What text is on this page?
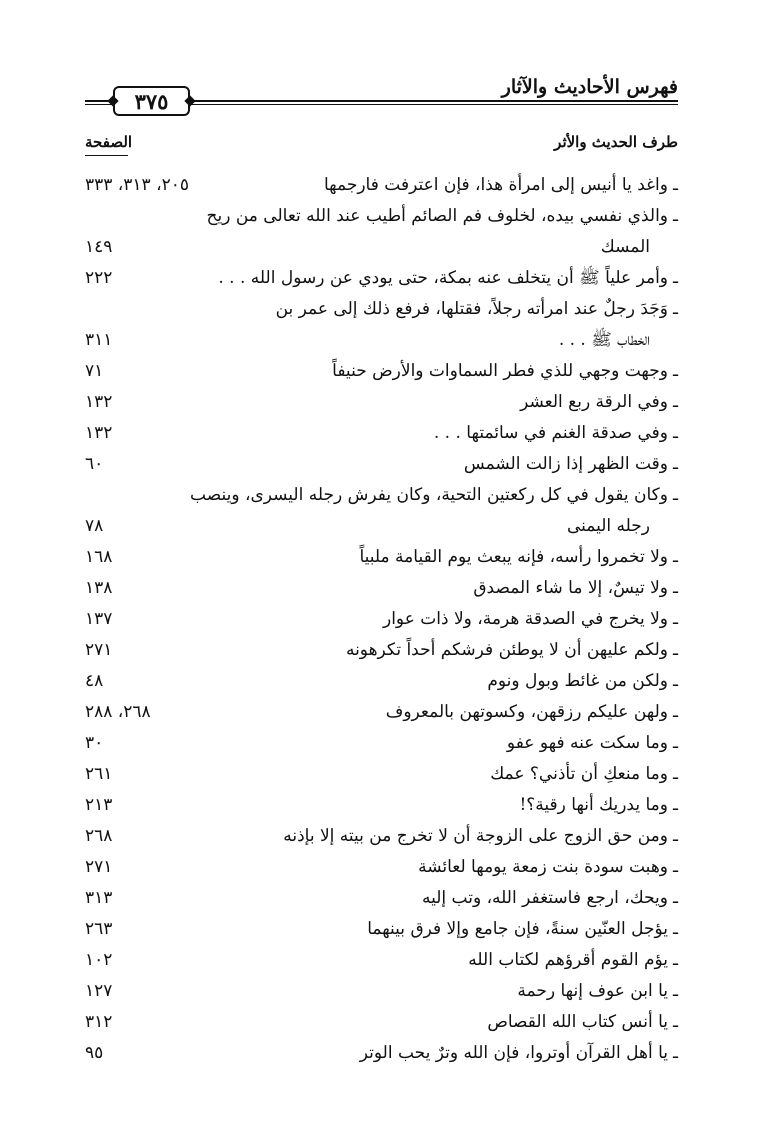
فهرس الأحاديث والآثار
٣٧٥
طرف الحديث والأثر
الصفحة
ـ واغد يا أنيس إلى امرأة هذا، فإن اعترفت فارجمها
٢٠٥، ٣١٣، ٣٣٣
ـ والذي نفسي بيده، لخلوف فم الصائم أطيب عند الله تعالى من ريح
المسك
١٤٩
ـ وأمر علياً ﷺ أن يتخلف عنه بمكة، حتى يودي عن رسول الله . . .
٢٢٢
ـ وَجَدَ رجلٌ عند امرأته رجلاً، فقتلها، فرفع ذلك إلى عمر بن
الخطاب ﷺ . . .
٣١١
ـ وجهت وجهي للذي فطر السماوات والأرض حنيفاً
٧١
ـ وفي الرقة ربع العشر
١٣٢
ـ وفي صدقة الغنم في سائمتها . . .
١٣٢
ـ وقت الظهر إذا زالت الشمس
٦٠
ـ وكان يقول في كل ركعتين التحية، وكان يفرش رجله اليسرى، وينصب
رجله اليمنى
٧٨
ـ ولا تخمروا رأسه، فإنه يبعث يوم القيامة ملبياً
١٦٨
ـ ولا تيسٌ، إلا ما شاء المصدق
١٣٨
ـ ولا يخرج في الصدقة هرمة، ولا ذات عوار
١٣٧
ـ ولكم عليهن أن لا يوطئن فرشكم أحداً تكرهونه
٢٧١
ـ ولكن من غائط وبول ونوم
٤٨
ـ ولهن عليكم رزقهن، وكسوتهن بالمعروف
٢٦٨، ٢٨٨
ـ وما سكت عنه فهو عفو
٣٠
ـ وما منعكِ أن تأذني؟ عمك
٢٦١
ـ وما يدريك أنها رقية؟!
٢١٣
ـ ومن حق الزوج على الزوجة أن لا تخرج من بيته إلا بإذنه
٢٦٨
ـ وهبت سودة بنت زمعة يومها لعائشة
٢٧١
ـ ويحك، ارجع فاستغفر الله، وتب إليه
٣١٣
ـ يؤجل العنّين سنةً، فإن جامع وإلا فرق بينهما
٢٦٣
ـ يؤم القوم أقرؤهم لكتاب الله
١٠٢
ـ يا ابن عوف إنها رحمة
١٢٧
ـ يا أنس كتاب الله القصاص
٣١٢
ـ يا أهل القرآن أوتروا، فإن الله وترٌ يحب الوتر
٩٥
